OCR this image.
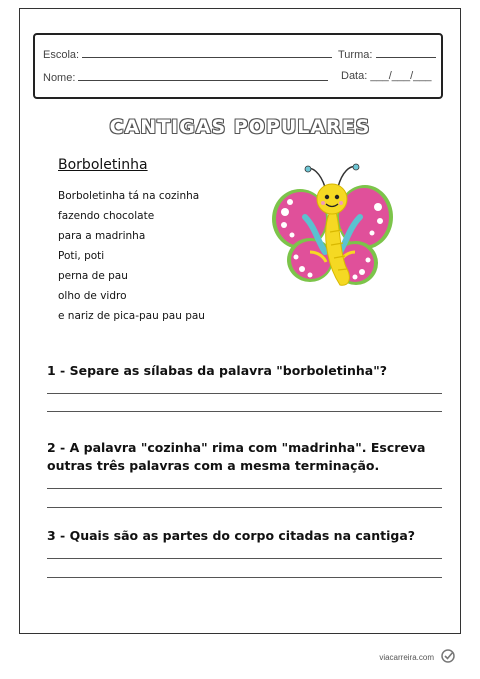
Escola:	Turma:
Nome:	Data: ___/___/___
CANTIGAS POPULARES
Borboletinha
Borboletinha tá na cozinha
fazendo chocolate
para a madrinha
Poti, poti
perna de pau
olho de vidro
e nariz de pica-pau pau pau
1 - Separe as sílabas da palavra "borboletinha"?
2 - A palavra "cozinha" rima com "madrinha". Escreva outras três palavras com a mesma terminação.
3 - Quais são as partes do corpo citadas na cantiga?
viacarreira.com
